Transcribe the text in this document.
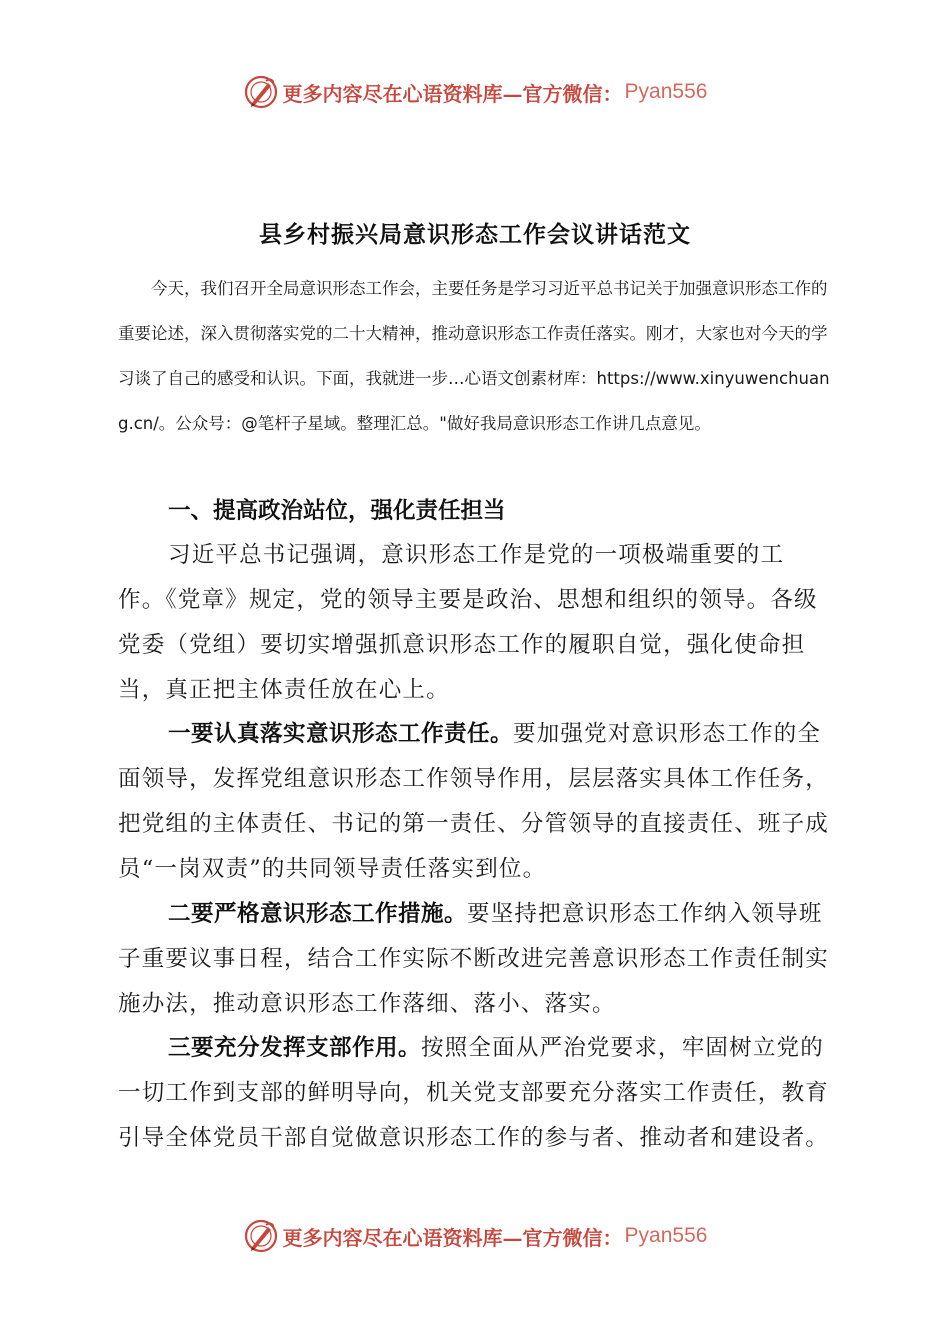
更多内容尽在心语资料库—官方微信： Pyan556
县乡村振兴局意识形态工作会议讲话范文

今天，我们召开全局意识形态工作会，主要任务是学习习近平总书记关于加强意识形态工作的重要论述，深入贯彻落实党的二十大精神，推动意识形态工作责任落实。刚才，大家也对今天的学习谈了自己的感受和认识。下面，我就进一步…心语文创素材库：https://www.xinyuwenchuang.cn/。公众号：@笔杆子星域。整理汇总。"做好我局意识形态工作讲几点意见。

一、提高政治站位，强化责任担当

习近平总书记强调，意识形态工作是党的一项极端重要的工作。《党章》规定，党的领导主要是政治、思想和组织的领导。各级党委（党组）要切实增强抓意识形态工作的履职自觉，强化使命担当，真正把主体责任放在心上。

一要认真落实意识形态工作责任。要加强党对意识形态工作的全面领导，发挥党组意识形态工作领导作用，层层落实具体工作任务，把党组的主体责任、书记的第一责任、分管领导的直接责任、班子成员“一岗双责”的共同领导责任落实到位。

二要严格意识形态工作措施。要坚持把意识形态工作纳入领导班子重要议事日程，结合工作实际不断改进完善意识形态工作责任制实施办法，推动意识形态工作落细、落小、落实。

三要充分发挥支部作用。按照全面从严治党要求，牢固树立党的一切工作到支部的鲜明导向，机关党支部要充分落实工作责任，教育引导全体党员干部自觉做意识形态工作的参与者、推动者和建设者。

更多内容尽在心语资料库—官方微信： Pyan556
